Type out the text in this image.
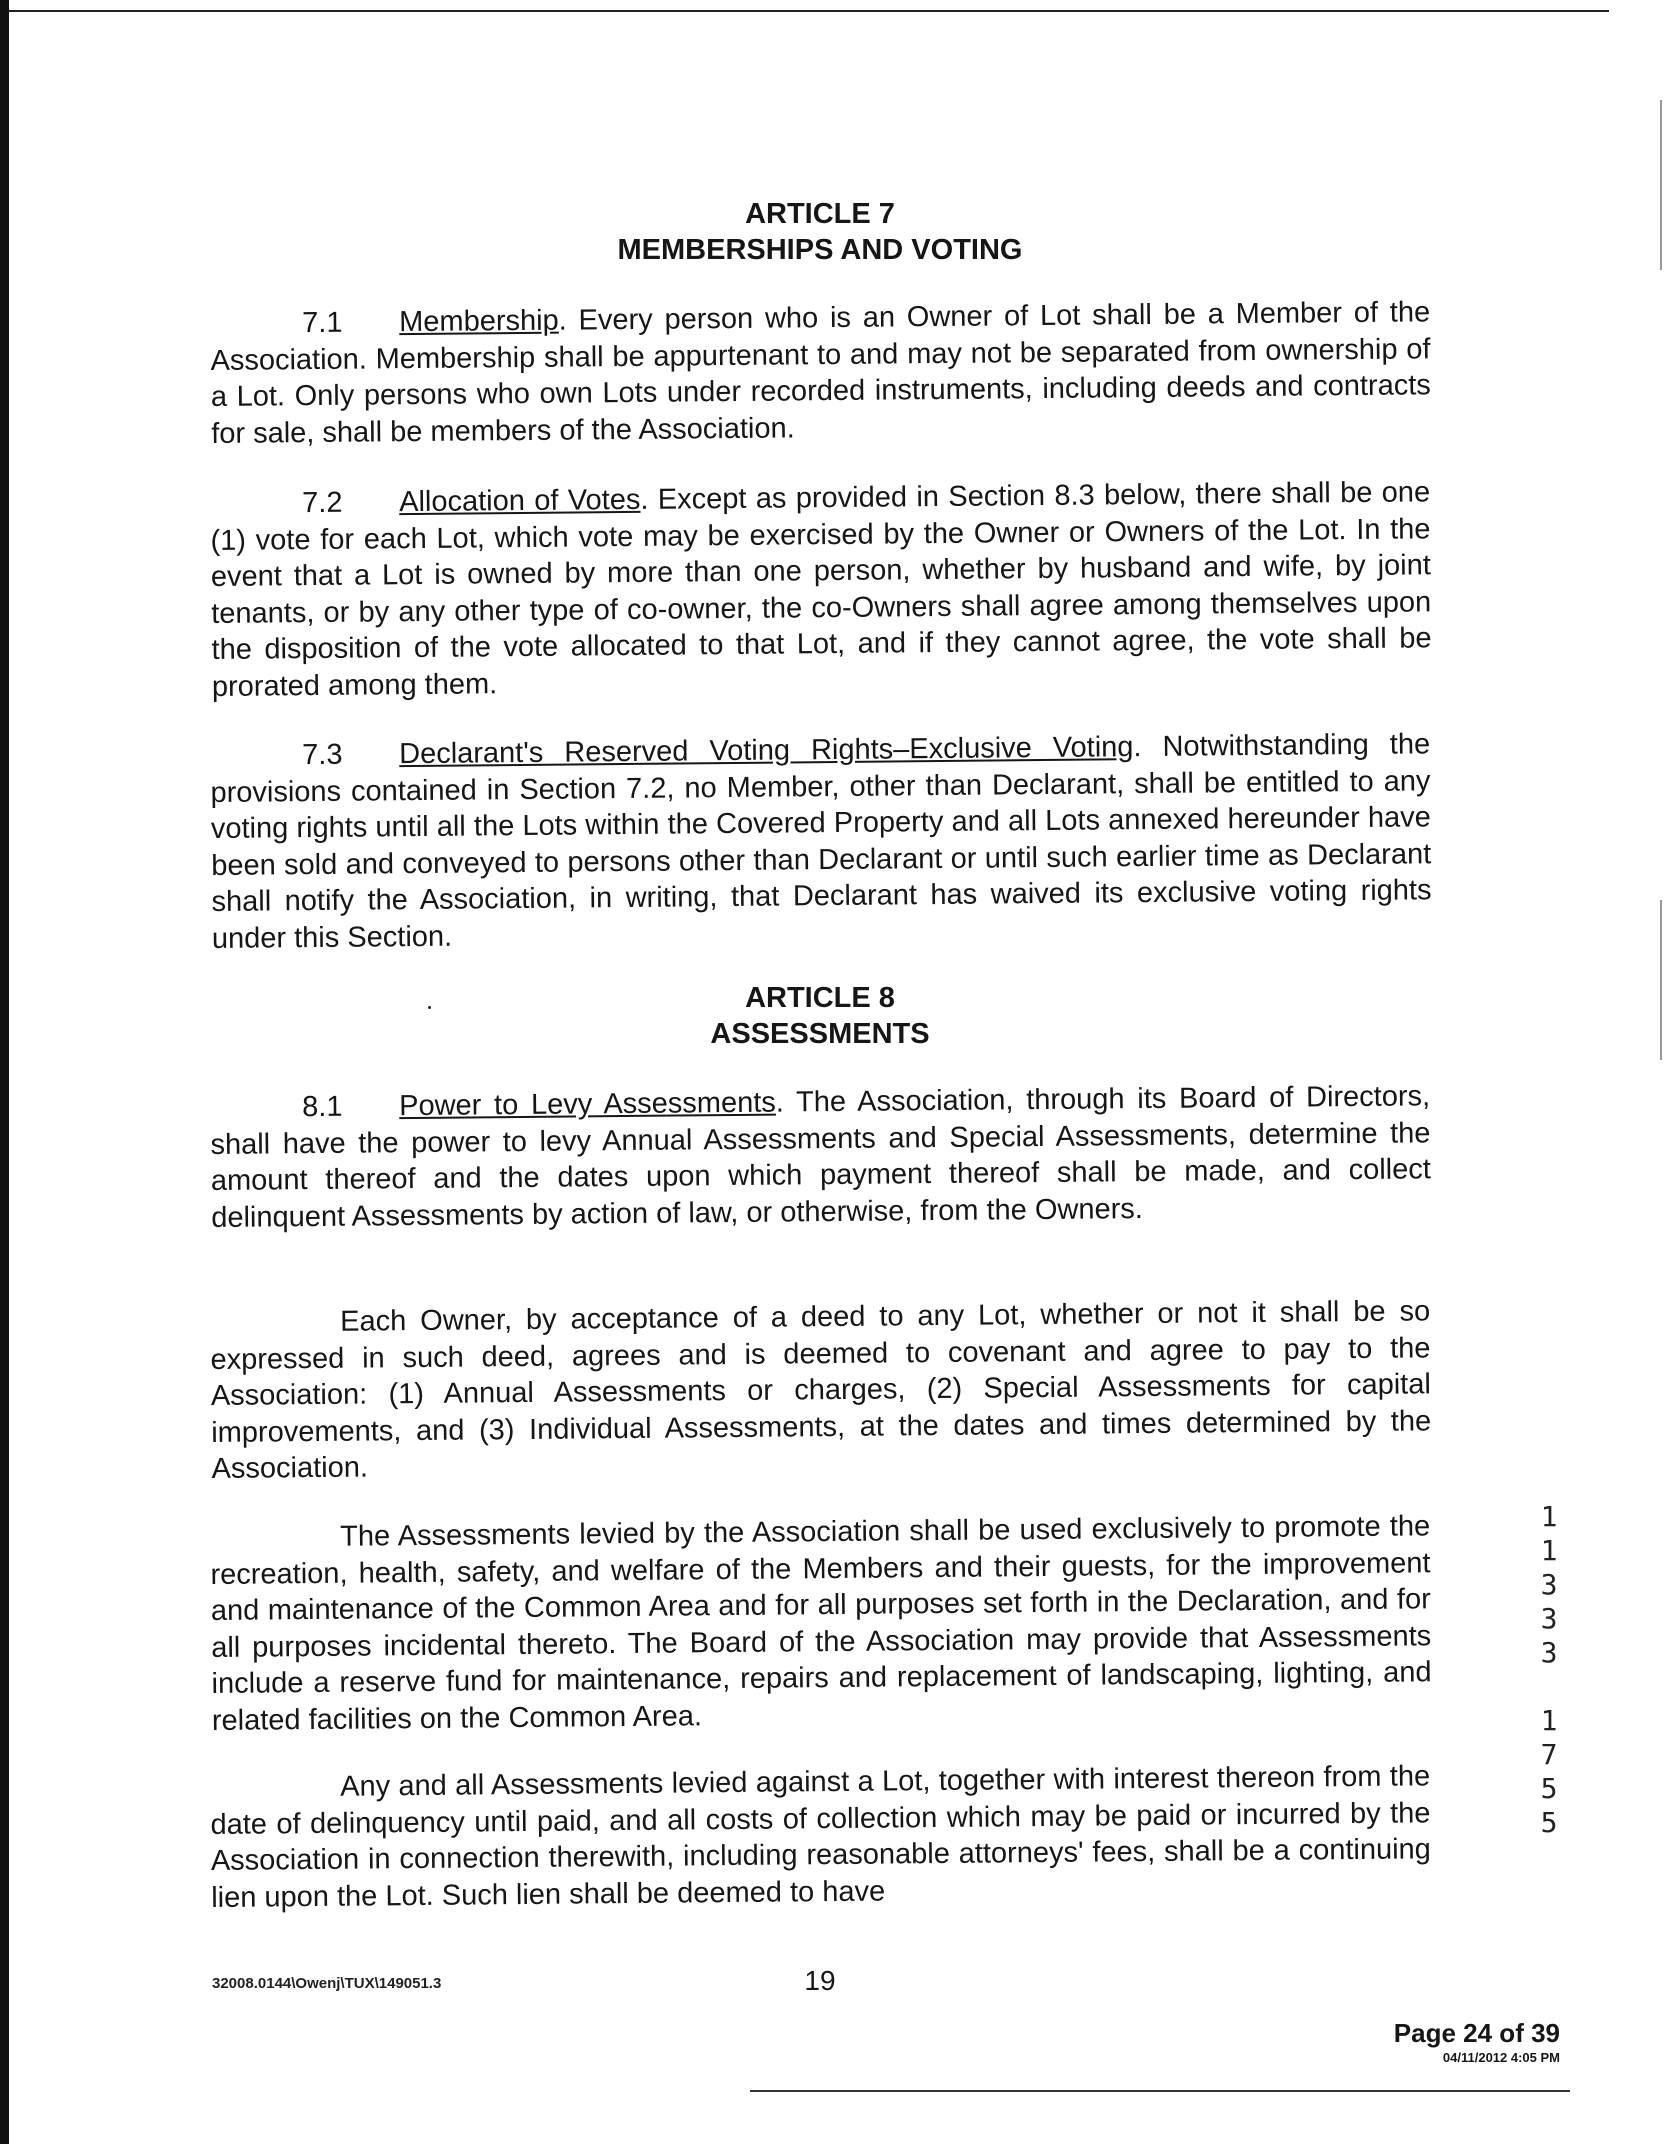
ARTICLE 7
MEMBERSHIPS AND VOTING

7.1 Membership. Every person who is an Owner of Lot shall be a Member of the Association. Membership shall be appurtenant to and may not be separated from ownership of a Lot. Only persons who own Lots under recorded instruments, including deeds and contracts for sale, shall be members of the Association.

7.2 Allocation of Votes. Except as provided in Section 8.3 below, there shall be one (1) vote for each Lot, which vote may be exercised by the Owner or Owners of the Lot. In the event that a Lot is owned by more than one person, whether by husband and wife, by joint tenants, or by any other type of co-owner, the co-Owners shall agree among themselves upon the disposition of the vote allocated to that Lot, and if they cannot agree, the vote shall be prorated among them.

7.3 Declarant's Reserved Voting Rights–Exclusive Voting. Notwithstanding the provisions contained in Section 7.2, no Member, other than Declarant, shall be entitled to any voting rights until all the Lots within the Covered Property and all Lots annexed hereunder have been sold and conveyed to persons other than Declarant or until such earlier time as Declarant shall notify the Association, in writing, that Declarant has waived its exclusive voting rights under this Section.

ARTICLE 8
ASSESSMENTS

8.1 Power to Levy Assessments. The Association, through its Board of Directors, shall have the power to levy Annual Assessments and Special Assessments, determine the amount thereof and the dates upon which payment thereof shall be made, and collect delinquent Assessments by action of law, or otherwise, from the Owners.

Each Owner, by acceptance of a deed to any Lot, whether or not it shall be so expressed in such deed, agrees and is deemed to covenant and agree to pay to the Association: (1) Annual Assessments or charges, (2) Special Assessments for capital improvements, and (3) Individual Assessments, at the dates and times determined by the Association.

The Assessments levied by the Association shall be used exclusively to promote the recreation, health, safety, and welfare of the Members and their guests, for the improvement and maintenance of the Common Area and for all purposes set forth in the Declaration, and for all purposes incidental thereto. The Board of the Association may provide that Assessments include a reserve fund for maintenance, repairs and replacement of landscaping, lighting, and related facilities on the Common Area.

Any and all Assessments levied against a Lot, together with interest thereon from the date of delinquency until paid, and all costs of collection which may be paid or incurred by the Association in connection therewith, including reasonable attorneys' fees, shall be a continuing lien upon the Lot. Such lien shall be deemed to have

1
1
3
3
3
1
7
5
5
32008.0144\Owenj\TUX\149051.3	19
Page 24 of 39
04/11/2012 4:05 PM
